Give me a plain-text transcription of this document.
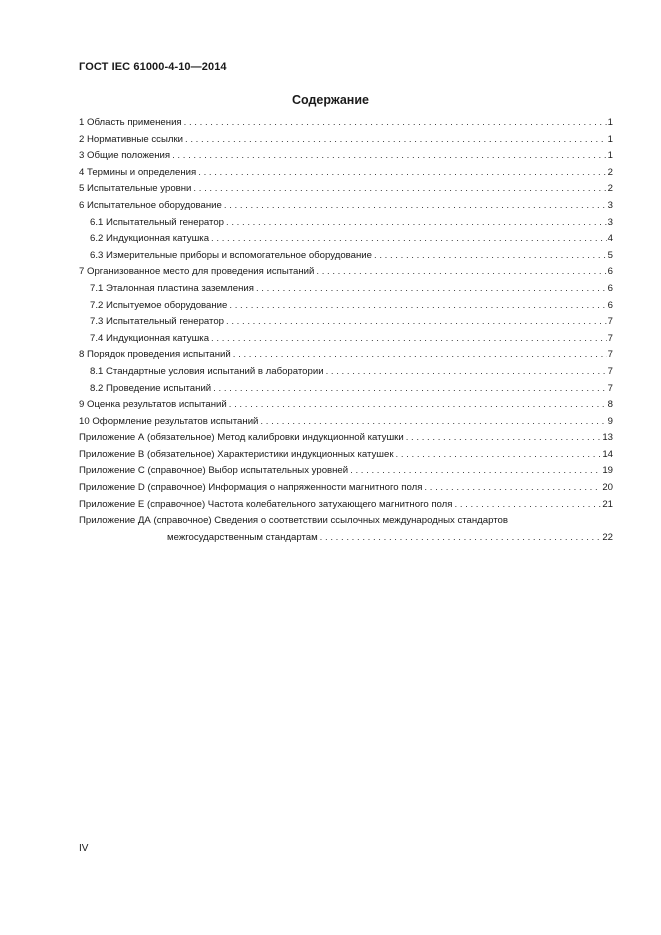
ГОСТ IEC 61000-4-10—2014
Содержание
1 Область применения . . .	1
2 Нормативные ссылки . . .	1
3 Общие положения . . .	1
4 Термины и определения . . .	2
5 Испытательные уровни . . .	2
6 Испытательное оборудование . . .	3
6.1 Испытательный генератор . . .	3
6.2 Индукционная катушка . . .	4
6.3 Измерительные приборы и вспомогательное оборудование . . .	5
7 Организованное место для проведения испытаний . . .	6
7.1 Эталонная пластина заземления . . .	6
7.2 Испытуемое оборудование . . .	6
7.3 Испытательный генератор . . .	7
7.4 Индукционная катушка . . .	7
8 Порядок проведения испытаний . . .	7
8.1 Стандартные условия испытаний в лаборатории . . .	7
8.2 Проведение испытаний . . .	7
9 Оценка результатов испытаний . . .	8
10 Оформление результатов испытаний . . .	9
Приложение А (обязательное) Метод калибровки индукционной катушки . . .	13
Приложение В (обязательное) Характеристики индукционных катушек . . .	14
Приложение С (справочное) Выбор испытательных уровней . . .	19
Приложение D (справочное) Информация о напряженности магнитного поля . . .	20
Приложение Е (справочное) Частота колебательного затухающего магнитного поля . . .	21
Приложение ДА (справочное) Сведения о соответствии ссылочных международных стандартов
межгосударственным стандартам . . .	22
IV
